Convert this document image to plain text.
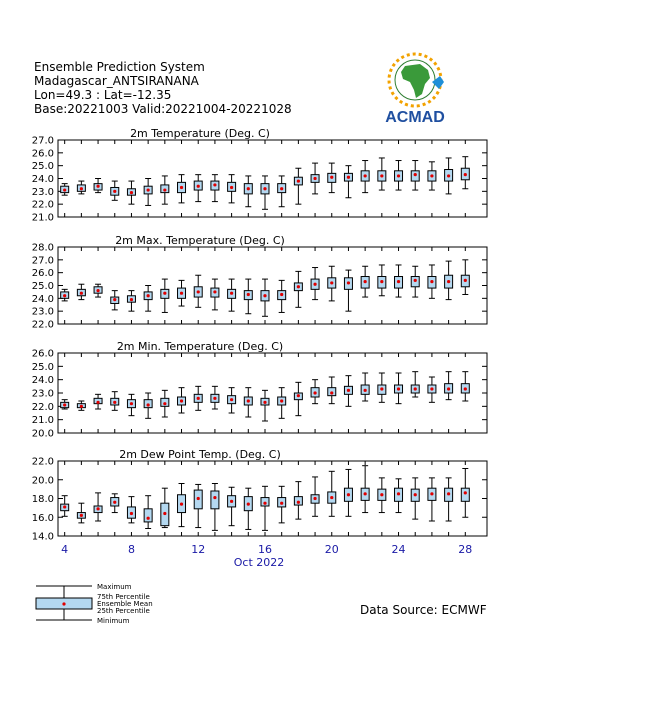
Ensemble Prediction System
Madagascar_ANTSIRANANA
Lon=49.3 : Lat=-12.35
Base:20221003 Valid:20221004-20221028	ACMAD
2m Temperature (Deg. C)
27.0
26.0
25.0
24.0
23.0
22.0
21.0
2m Max. Temperature (Deg. C)
28.0
27.0
26.0
25.0
24.0
23.0
22.0
2m Min. Temperature (Deg. C)
26.0
25.0
24.0
23.0
22.0
21.0
20.0
2m Dew Point Temp. (Deg. C)
22.0
20.0
18.0
16.0
14.0
4	8	12	16	20	24	28
Oct 2022
Maximum
75th Percentile
Ensemble Mean
25th Percentile
Minimum
Data Source: ECMWF
